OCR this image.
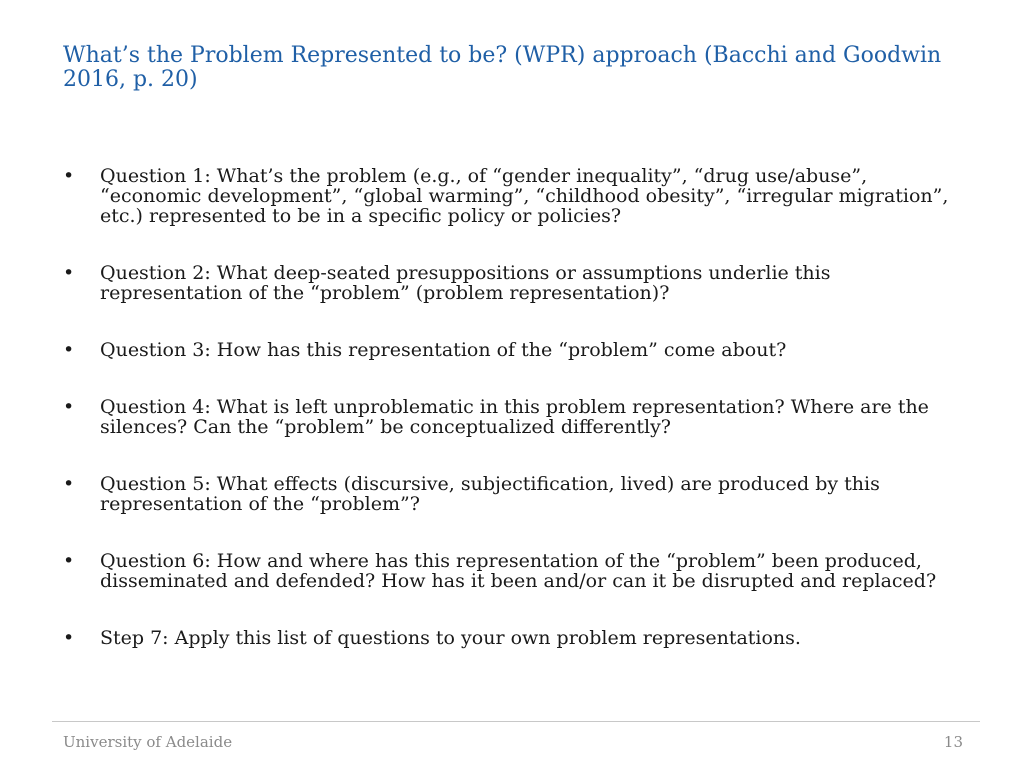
What’s the Problem Represented to be? (WPR) approach (Bacchi and Goodwin 2016, p. 20)
• Question 1: What’s the problem (e.g., of “gender inequality”, “drug use/abuse”, “economic development”, “global warming”, “childhood obesity”, “irregular migration”, etc.) represented to be in a specific policy or policies?
• Question 2: What deep-seated presuppositions or assumptions underlie this representation of the “problem” (problem representation)?
• Question 3: How has this representation of the “problem” come about?
• Question 4: What is left unproblematic in this problem representation? Where are the silences? Can the “problem” be conceptualized differently?
• Question 5: What effects (discursive, subjectification, lived) are produced by this representation of the “problem”?
• Question 6: How and where has this representation of the “problem” been produced, disseminated and defended? How has it been and/or can it be disrupted and replaced?
• Step 7: Apply this list of questions to your own problem representations.
University of Adelaide	13
